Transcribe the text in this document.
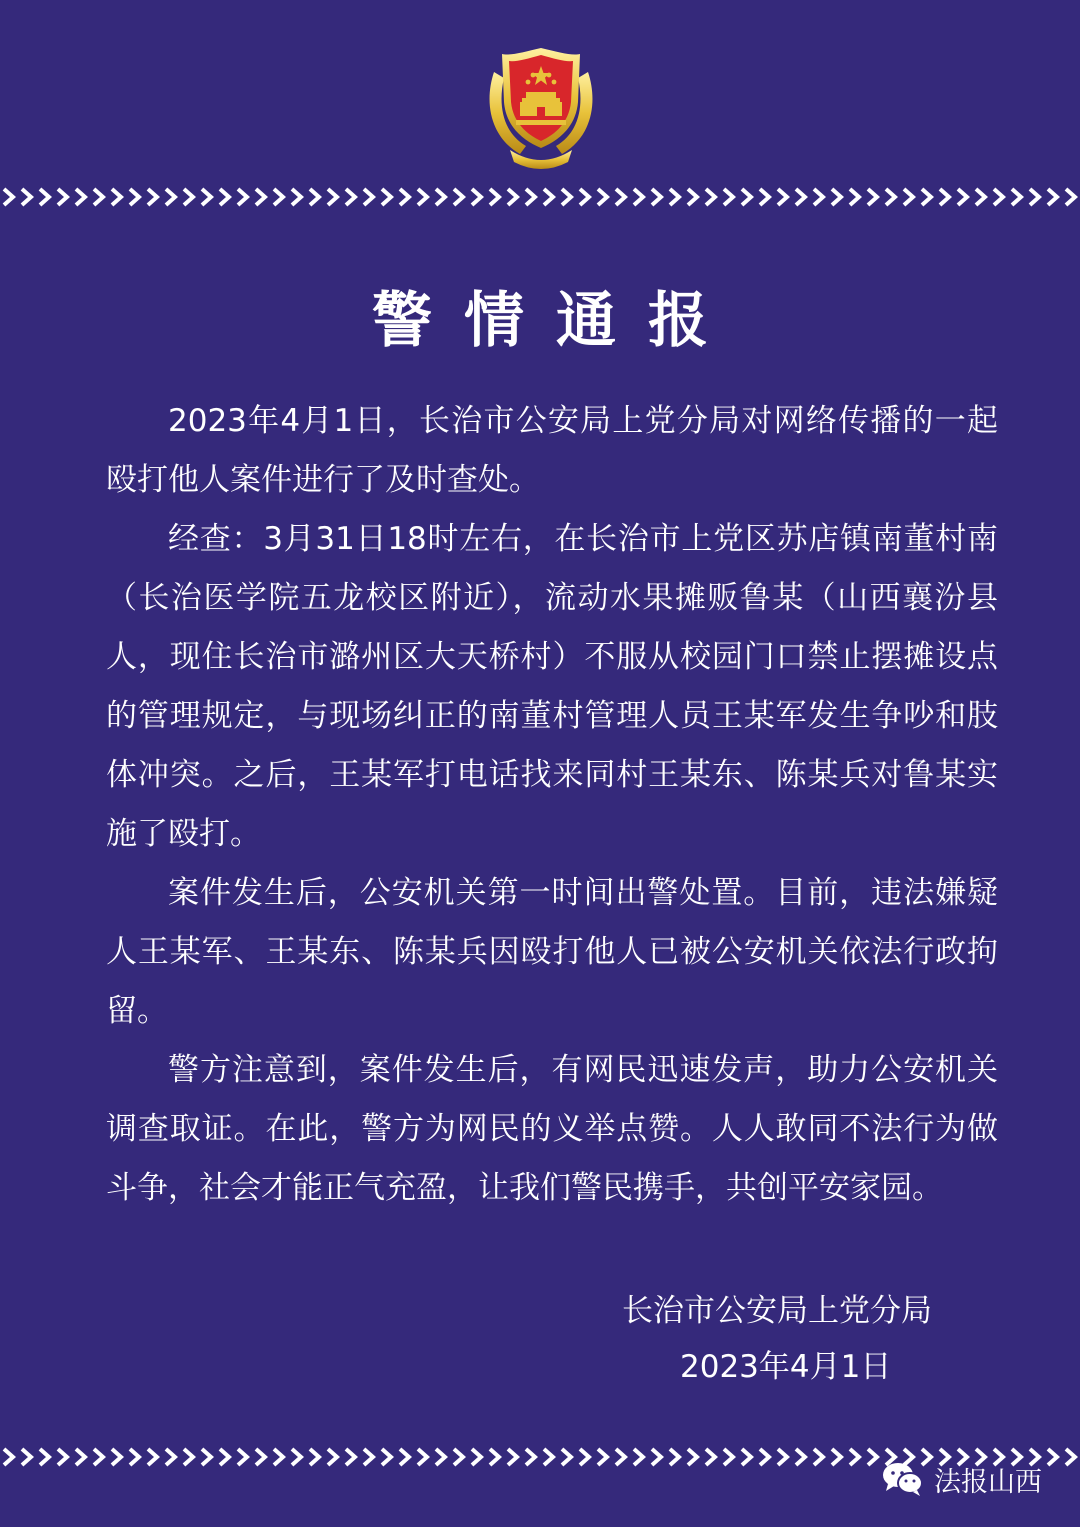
警情通报

2023年4月1日，长治市公安局上党分局对网络传播的一起殴打他人案件进行了及时查处。

经查：3月31日18时左右，在长治市上党区苏店镇南董村南（长治医学院五龙校区附近），流动水果摊贩鲁某（山西襄汾县人，现住长治市潞州区大天桥村）不服从校园门口禁止摆摊设点的管理规定，与现场纠正的南董村管理人员王某军发生争吵和肢体冲突。之后，王某军打电话找来同村王某东、陈某兵对鲁某实施了殴打。

案件发生后，公安机关第一时间出警处置。目前，违法嫌疑人王某军、王某东、陈某兵因殴打他人已被公安机关依法行政拘留。

警方注意到，案件发生后，有网民迅速发声，助力公安机关调查取证。在此，警方为网民的义举点赞。人人敢同不法行为做斗争，社会才能正气充盈，让我们警民携手，共创平安家园。

长治市公安局上党分局
2023年4月1日
法报山西
